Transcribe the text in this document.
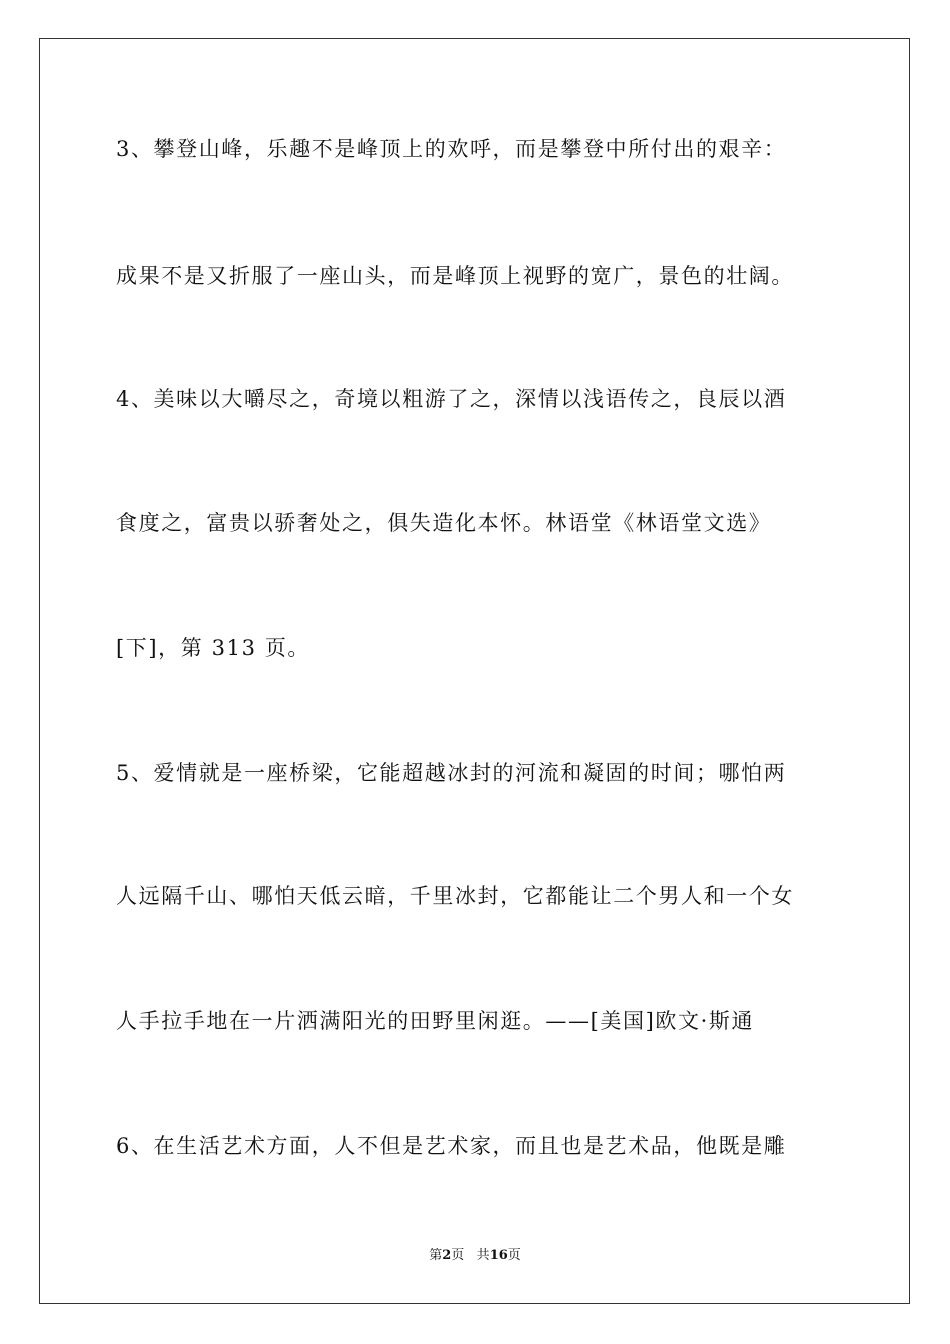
3、攀登山峰，乐趣不是峰顶上的欢呼，而是攀登中所付出的艰辛：
成果不是又折服了一座山头，而是峰顶上视野的宽广，景色的壮阔。
4、美味以大嚼尽之，奇境以粗游了之，深情以浅语传之，良辰以酒
食度之，富贵以骄奢处之，俱失造化本怀。林语堂《林语堂文选》
[下]，第 313 页。
5、爱情就是一座桥梁，它能超越冰封的河流和凝固的时间；哪怕两
人远隔千山、哪怕天低云暗，千里冰封，它都能让二个男人和一个女
人手拉手地在一片洒满阳光的田野里闲逛。——[美国]欧文·斯通
6、在生活艺术方面，人不但是艺术家，而且也是艺术品，他既是雕
第2页 共16页
